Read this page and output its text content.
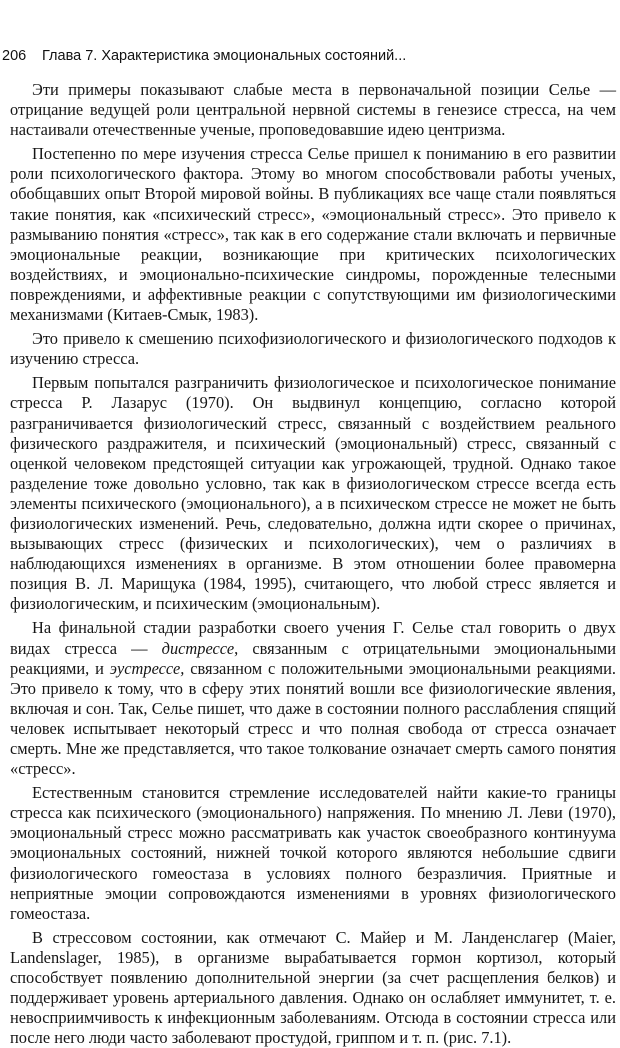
206 Глава 7. Характеристика эмоциональных состояний...

Эти примеры показывают слабые места в первоначальной позиции Селье — отрицание ведущей роли центральной нервной системы в генезисе стресса, на чем настаивали отечественные ученые, проповедовавшие идею центризма.

Постепенно по мере изучения стресса Селье пришел к пониманию в его развитии роли психологического фактора. Этому во многом способствовали работы ученых, обобщавших опыт Второй мировой войны. В публикациях все чаще стали появляться такие понятия, как «психический стресс», «эмоциональный стресс». Это привело к размыванию понятия «стресс», так как в его содержание стали включать и первичные эмоциональные реакции, возникающие при критических психологических воздействиях, и эмоционально-психические синдромы, порожденные телесными повреждениями, и аффективные реакции с сопутствующими им физиологическими механизмами (Китаев-Смык, 1983).

Это привело к смешению психофизиологического и физиологического подходов к изучению стресса.

Первым попытался разграничить физиологическое и психологическое понимание стресса Р. Лазарус (1970). Он выдвинул концепцию, согласно которой разграничивается физиологический стресс, связанный с воздействием реального физического раздражителя, и психический (эмоциональный) стресс, связанный с оценкой человеком предстоящей ситуации как угрожающей, трудной. Однако такое разделение тоже довольно условно, так как в физиологическом стрессе всегда есть элементы психического (эмоционального), а в психическом стрессе не может не быть физиологических изменений. Речь, следовательно, должна идти скорее о причинах, вызывающих стресс (физических и психологических), чем о различиях в наблюдающихся изменениях в организме. В этом отношении более правомерна позиция В. Л. Марищука (1984, 1995), считающего, что любой стресс является и физиологическим, и психическим (эмоциональным).

На финальной стадии разработки своего учения Г. Селье стал говорить о двух видах стресса — дистрессе, связанным с отрицательными эмоциональными реакциями, и эустрессе, связанном с положительными эмоциональными реакциями. Это привело к тому, что в сферу этих понятий вошли все физиологические явления, включая и сон. Так, Селье пишет, что даже в состоянии полного расслабления спящий человек испытывает некоторый стресс и что полная свобода от стресса означает смерть. Мне же представляется, что такое толкование означает смерть самого понятия «стресс».

Естественным становится стремление исследователей найти какие-то границы стресса как психического (эмоционального) напряжения. По мнению Л. Леви (1970), эмоциональный стресс можно рассматривать как участок своеобразного континуума эмоциональных состояний, нижней точкой которого являются небольшие сдвиги физиологического гомеостаза в условиях полного безразличия. Приятные и неприятные эмоции сопровождаются изменениями в уровнях физиологического гомеостаза.

В стрессовом состоянии, как отмечают С. Майер и М. Ланденслагер (Maier, Landenslager, 1985), в организме вырабатывается гормон кортизол, который способствует появлению дополнительной энергии (за счет расщепления белков) и поддерживает уровень артериального давления. Однако он ослабляет иммунитет, т. е. невосприимчивость к инфекционным заболеваниям. Отсюда в состоянии стресса или после него люди часто заболевают простудой, гриппом и т. п. (рис. 7.1).
